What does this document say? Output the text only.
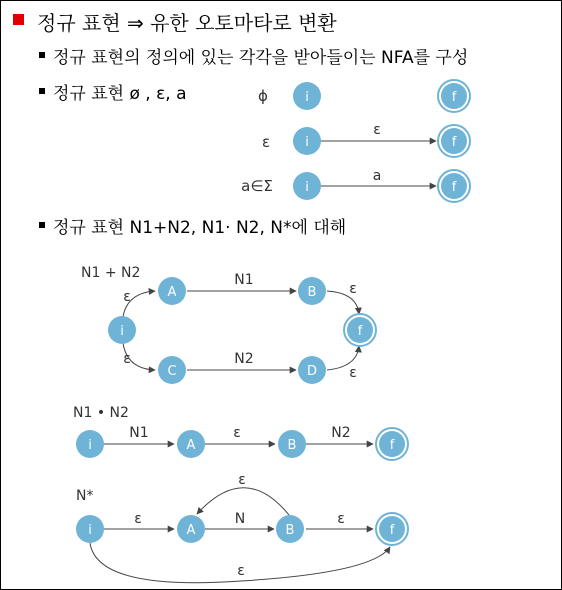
정규 표현 ⇒ 유한 오토마타로 변환
정규 표현의 정의에 있는 각각을 받아들이는 NFA를 구성
정규 표현 ø , ε, a
정규 표현 N1+N2, N1· N2, N*에 대해
ϕ	i	f
ε	i
ε
f
a∈Σ i
a
f
N1 + N2
ε
N1
ε
ε	N2
ε
i
A	B
C	D
f
N1 • N2
N1	ε	N2
i	A	B	f
N*
ε	N
ε
ε
ε
i	A	B	f
